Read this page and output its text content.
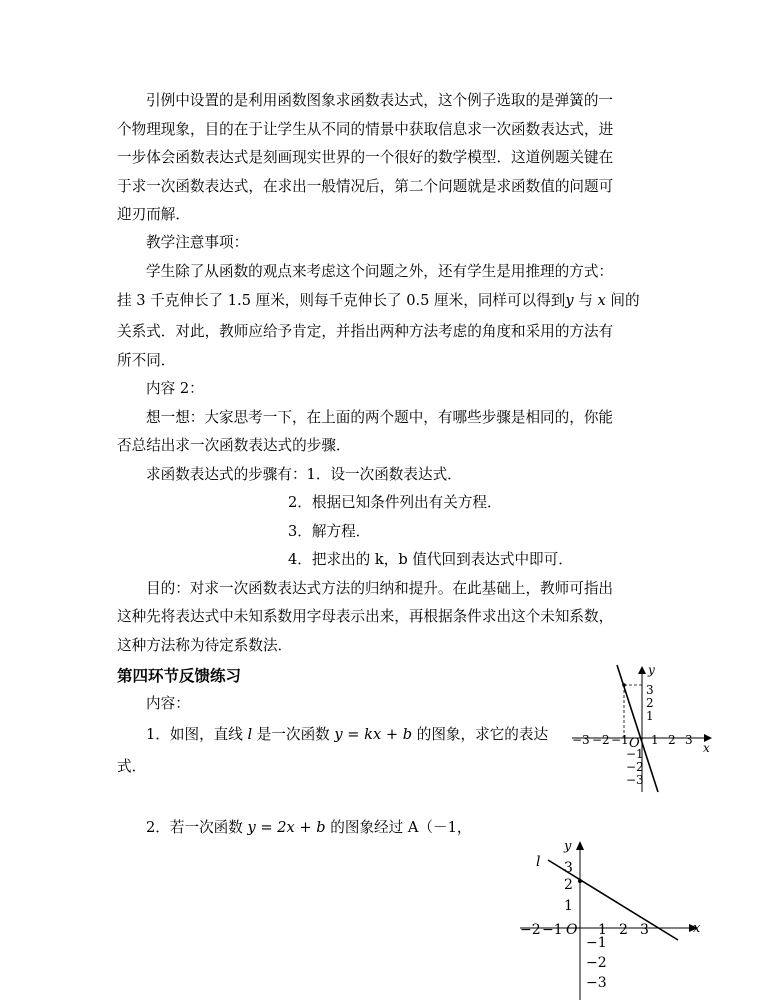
引例中设置的是利用函数图象求函数表达式，这个例子选取的是弹簧的一
个物理现象，目的在于让学生从不同的情景中获取信息求一次函数表达式，进
一步体会函数表达式是刻画现实世界的一个很好的数学模型．这道例题关键在
于求一次函数表达式，在求出一般情况后，第二个问题就是求函数值的问题可
迎刃而解．
教学注意事项：
学生除了从函数的观点来考虑这个问题之外，还有学生是用推理的方式：
挂 3 千克伸长了 1.5 厘米，则每千克伸长了 0.5 厘米，同样可以得到y 与 x 间的
关系式．对此，教师应给予肯定，并指出两种方法考虑的角度和采用的方法有
所不同．
内容 2：
想一想：大家思考一下，在上面的两个题中，有哪些步骤是相同的，你能
否总结出求一次函数表达式的步骤．
求函数表达式的步骤有：1．设一次函数表达式．
2．根据已知条件列出有关方程．
3．解方程．
4．把求出的 k，b 值代回到表达式中即可．
目的：对求一次函数表达式方法的归纳和提升。在此基础上，教师可指出
这种先将表达式中未知系数用字母表示出来，再根据条件求出这个未知系数，
这种方法称为待定系数法．
第四环节反馈练习
内容：
1．如图，直线 l 是一次函数 y = kx + b 的图象，求它的表达
式．
2．若一次函数 y = 2x + b 的图象经过 A（－1，
x
y
O
−3 −2 −1 1 2 3
3
2
1
−1
−2
−3
l
x
y
O
−2 −1	1 2 3
3
2
1
−1
−2
−3
